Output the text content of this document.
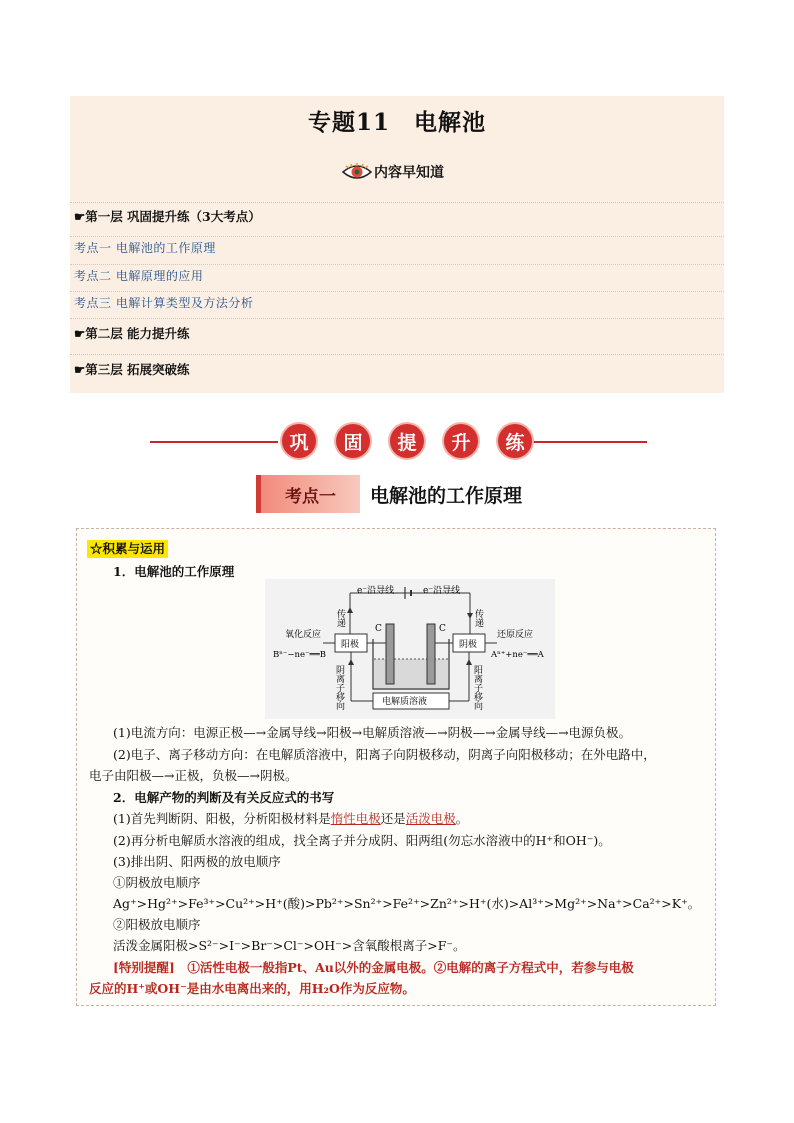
专题11　电解池
内容早知道
☛第一层 巩固提升练（3大考点）
考点一 电解池的工作原理
考点二 电解原理的应用
考点三 电解计算类型及方法分析
☛第二层 能力提升练
☛第三层 拓展突破练
巩	固	提	升	练
考点一	电解池的工作原理
☆积累与运用
1．电解池的工作原理
e⁻沿导线	e⁻沿导线
传递	传递
阳极	阴极
氧化反应	还原反应
Bⁿ⁻−ne⁻══B	Aⁿ⁺+ne⁻══A
阴离子移向	阳离子移向
电解质溶液
C	C
(1)电流方向：电源正极—→金属导线→阳极→电解质溶液—→阴极—→金属导线—→电源负极。
(2)电子、离子移动方向：在电解质溶液中，阳离子向阴极移动，阴离子向阳极移动；在外电路中，
电子由阳极—→正极，负极—→阴极。
2．电解产物的判断及有关反应式的书写
(1)首先判断阴、阳极，分析阳极材料是惰性电极还是活泼电极。
(2)再分析电解质水溶液的组成，找全离子并分成阴、阳两组(勿忘水溶液中的H⁺和OH⁻)。
(3)排出阴、阳两极的放电顺序
①阴极放电顺序
Ag⁺>Hg²⁺>Fe³⁺>Cu²⁺>H⁺(酸)>Pb²⁺>Sn²⁺>Fe²⁺>Zn²⁺>H⁺(水)>Al³⁺>Mg²⁺>Na⁺>Ca²⁺>K⁺。
②阳极放电顺序
活泼金属阳极>S²⁻>I⁻>Br⁻>Cl⁻>OH⁻>含氧酸根离子>F⁻。
[特别提醒]　①活性电极一般指Pt、Au以外的金属电极。②电解的离子方程式中，若参与电极
反应的H⁺或OH⁻是由水电离出来的，用H₂O作为反应物。
